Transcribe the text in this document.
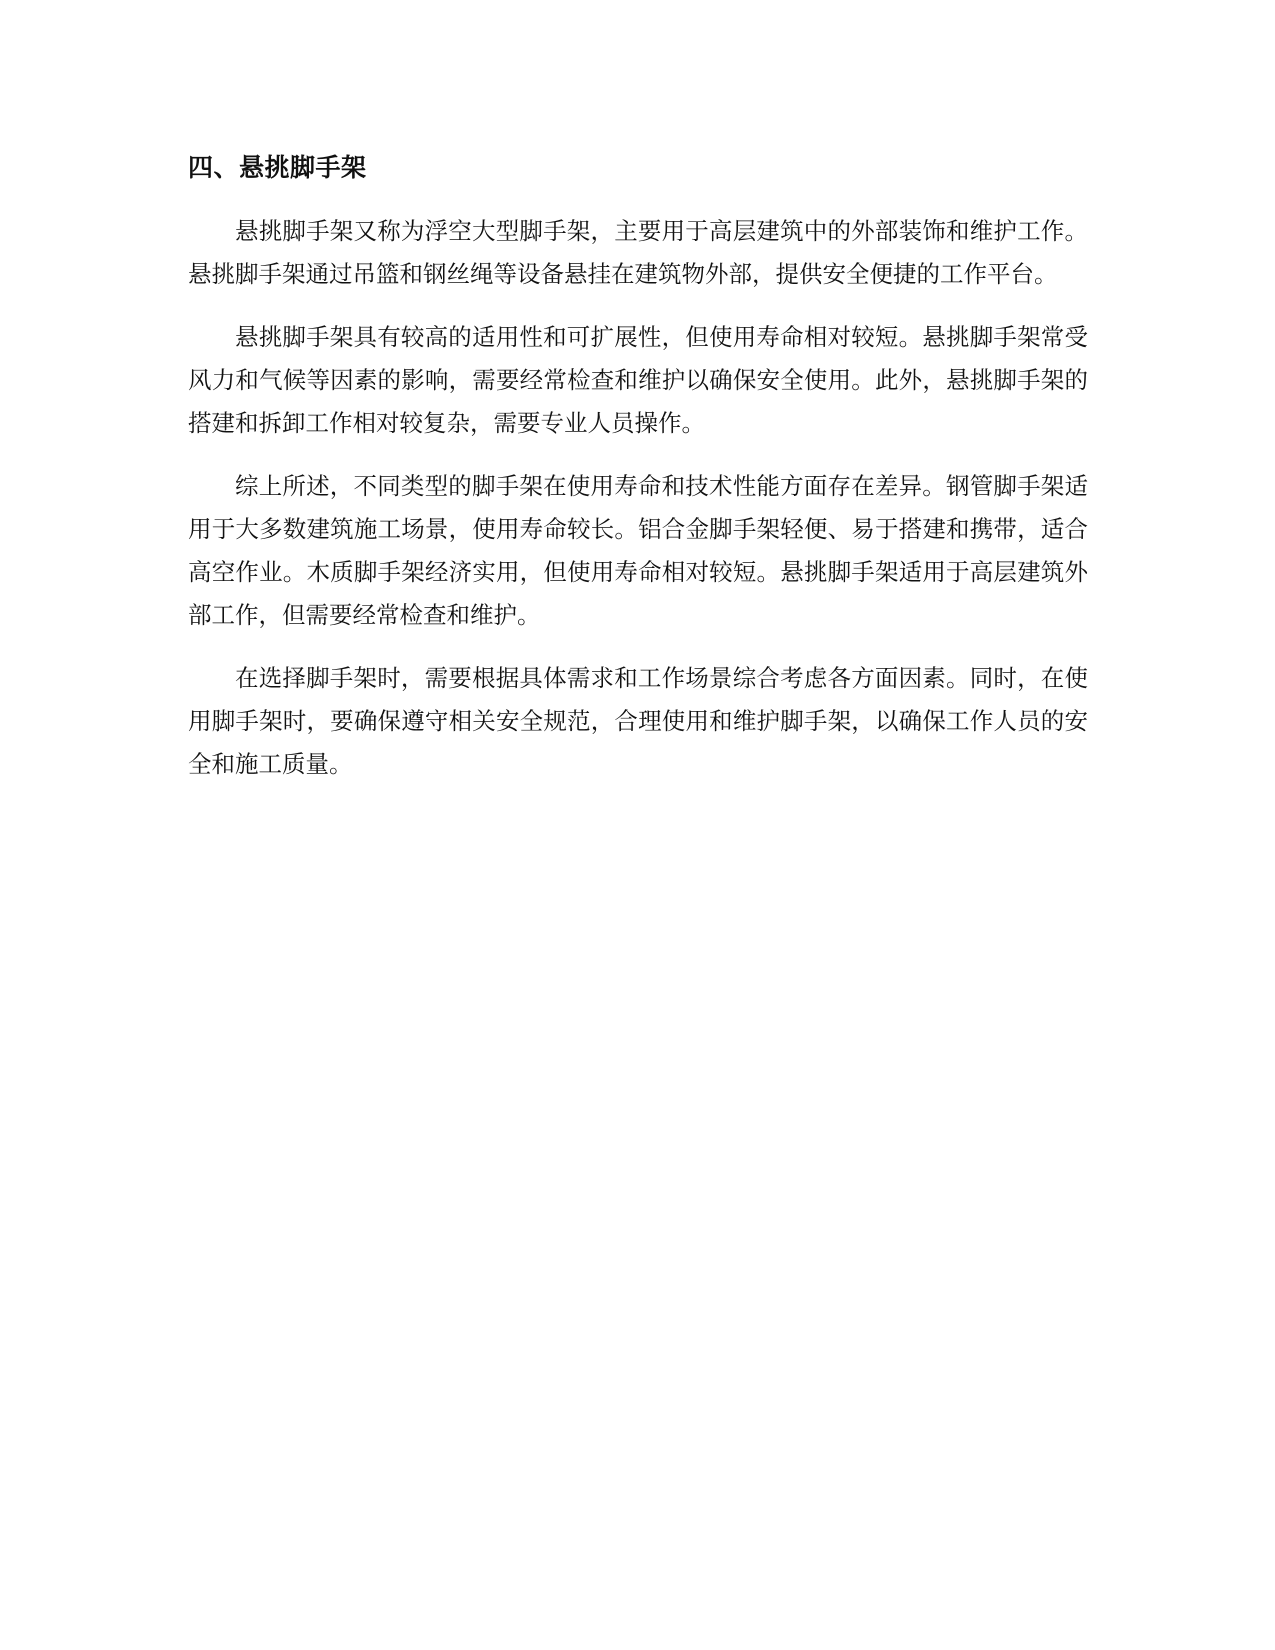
四、悬挑脚手架

悬挑脚手架又称为浮空大型脚手架，主要用于高层建筑中的外部装饰和维护工作。悬挑脚手架通过吊篮和钢丝绳等设备悬挂在建筑物外部，提供安全便捷的工作平台。

悬挑脚手架具有较高的适用性和可扩展性，但使用寿命相对较短。悬挑脚手架常受风力和气候等因素的影响，需要经常检查和维护以确保安全使用。此外，悬挑脚手架的搭建和拆卸工作相对较复杂，需要专业人员操作。

综上所述，不同类型的脚手架在使用寿命和技术性能方面存在差异。钢管脚手架适用于大多数建筑施工场景，使用寿命较长。铝合金脚手架轻便、易于搭建和携带，适合高空作业。木质脚手架经济实用，但使用寿命相对较短。悬挑脚手架适用于高层建筑外部工作，但需要经常检查和维护。

在选择脚手架时，需要根据具体需求和工作场景综合考虑各方面因素。同时，在使用脚手架时，要确保遵守相关安全规范，合理使用和维护脚手架，以确保工作人员的安全和施工质量。
